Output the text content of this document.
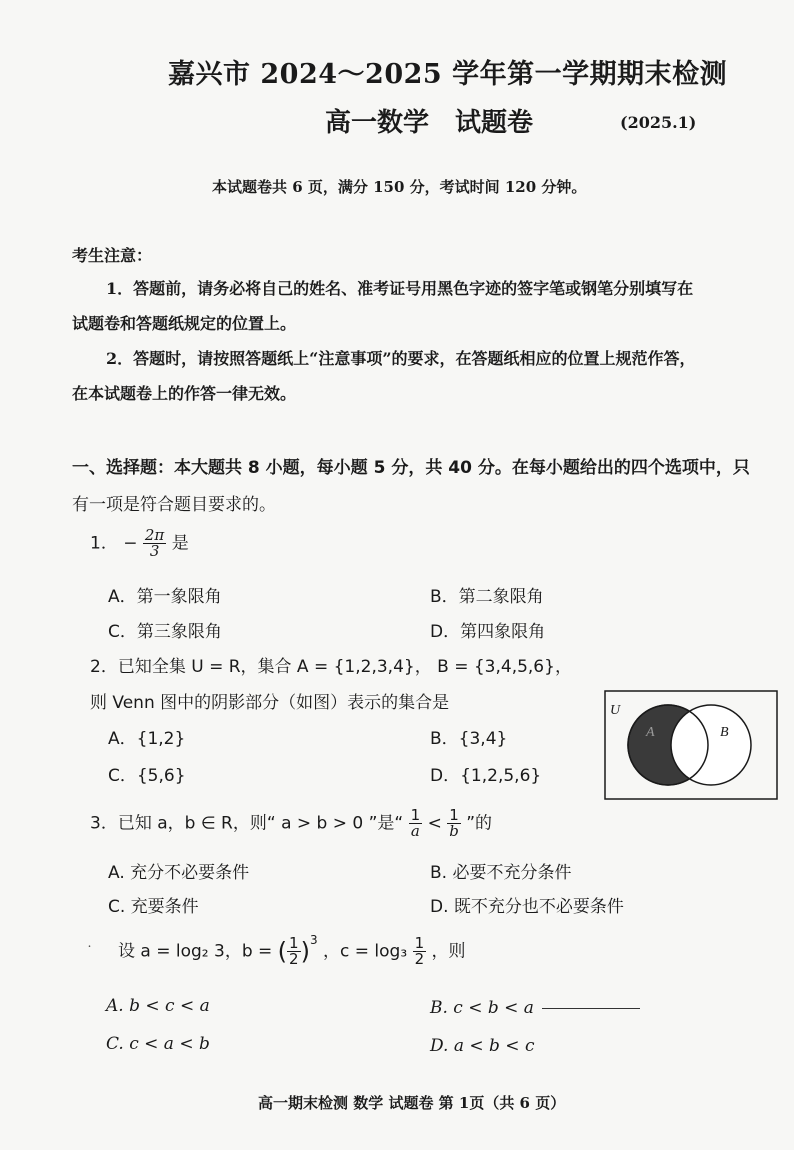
嘉兴市 2024～2025 学年第一学期期末检测
高一数学 试题卷	(2025.1)
本试题卷共 6 页，满分 150 分，考试时间 120 分钟。
考生注意：
1．答题前，请务必将自己的姓名、准考证号用黑色字迹的签字笔或钢笔分别填写在
试题卷和答题纸规定的位置上。
2．答题时，请按照答题纸上“注意事项”的要求，在答题纸相应的位置上规范作答，
在本试题卷上的作答一律无效。
一、选择题：本大题共 8 小题，每小题 5 分，共 40 分。在每小题给出的四个选项中，只
有一项是符合题目要求的。
1． − $\frac{2\pi}{3}$ 是
A．第一象限角	B．第二象限角
C．第三象限角	D．第四象限角
2．已知全集 U = R，集合 A = {1,2,3,4}， B = {3,4,5,6}，
则 Venn 图中的阴影部分（如图）表示的集合是
A．{1,2}	B．{3,4}
C．{5,6}	D．{1,2,5,6}
U
A	B
3．已知 a，b ∈ R，则“ a > b > 0 ”是“ $\frac{1}{a} < \frac{1}{b}$ ”的
A. 充分不必要条件	B. 必要不充分条件
C. 充要条件	D. 既不充分也不必要条件
˙ 设 a = log₂ 3，b = ( $\frac{1}{2} )^3$ ，$c = \log_3 \frac{1}{2}$ ，则
A. b < c < a	B. c < b < a
C. c < a < b	D. a < b < c
高一期末检测 数学 试题卷 第 1页（共 6 页）
